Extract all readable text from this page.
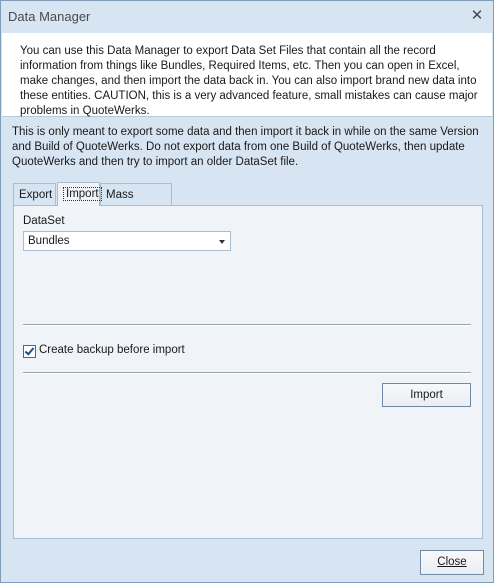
Data Manager	✕
You can use this Data Manager to export Data Set Files that contain all the record information from things like Bundles, Required Items, etc. Then you can open in Excel, make changes, and then import the data back in. You can also import brand new data into these entities. CAUTION, this is a very advanced feature, small mistakes can cause major problems in QuoteWerks.
This is only meant to export some data and then import it back in while on the same Version and Build of QuoteWerks. Do not export data from one Build of QuoteWerks, then update QuoteWerks and then try to import an older DataSet file.
Export	Import Mass
DataSet
Bundles
Create backup before import
Import
Close
